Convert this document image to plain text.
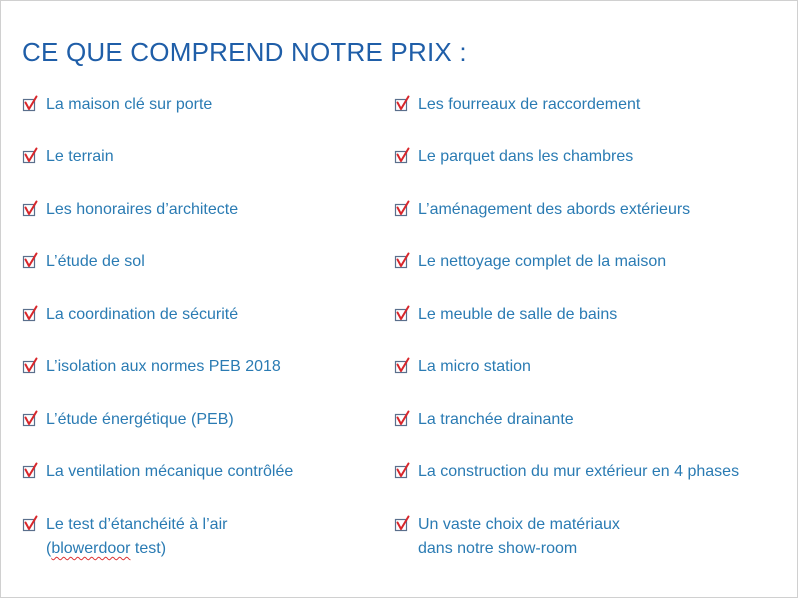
CE QUE COMPREND NOTRE PRIX :
La maison clé sur porte
Le terrain
Les honoraires d’architecte
L’étude de sol
La coordination de sécurité
L’isolation aux normes PEB 2018
L’étude énergétique (PEB)
La ventilation mécanique contrôlée
Le test d’étanchéité à l’air
(blowerdoor test)
Les fourreaux de raccordement
Le parquet dans les chambres
L’aménagement des abords extérieurs
Le nettoyage complet de la maison
Le meuble de salle de bains
La micro station
La tranchée drainante
La construction du mur extérieur en 4 phases
Un vaste choix de matériaux
dans notre show-room
